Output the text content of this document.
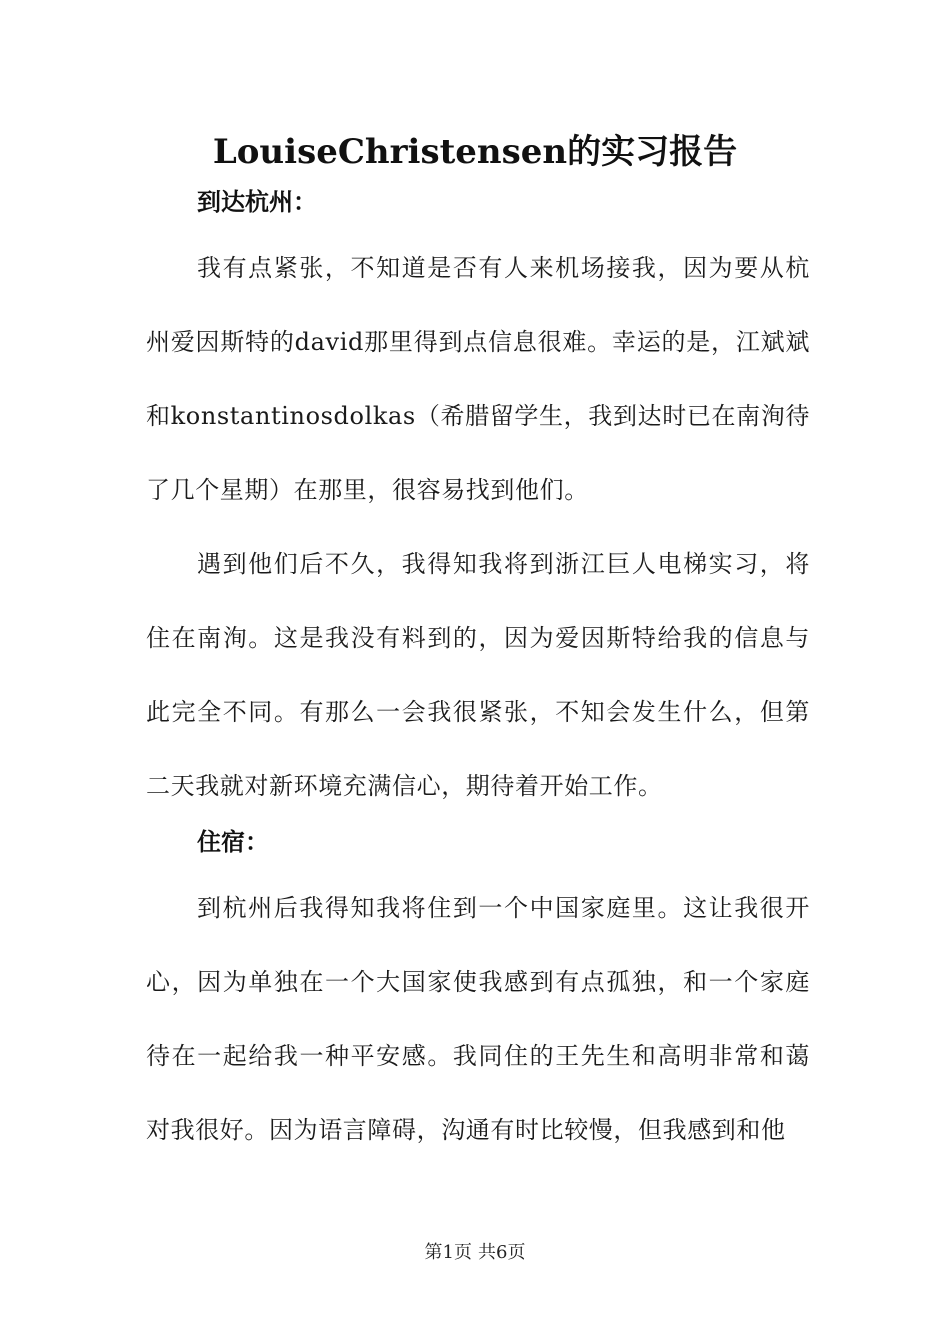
LouiseChristensen的实习报告
到达杭州：

我有点紧张，不知道是否有人来机场接我，因为要从杭州爱因斯特的david那里得到点信息很难。幸运的是，江斌斌和konstantinosdolkas（希腊留学生，我到达时已在南洵待了几个星期）在那里，很容易找到他们。

遇到他们后不久，我得知我将到浙江巨人电梯实习，将住在南洵。这是我没有料到的，因为爱因斯特给我的信息与此完全不同。有那么一会我很紧张，不知会发生什么，但第二天我就对新环境充满信心，期待着开始工作。

住宿：

到杭州后我得知我将住到一个中国家庭里。这让我很开心，因为单独在一个大国家使我感到有点孤独，和一个家庭待在一起给我一种平安感。我同住的王先生和高明非常和蔼对我很好。因为语言障碍，沟通有时比较慢，但我感到和他

第1页 共6页
